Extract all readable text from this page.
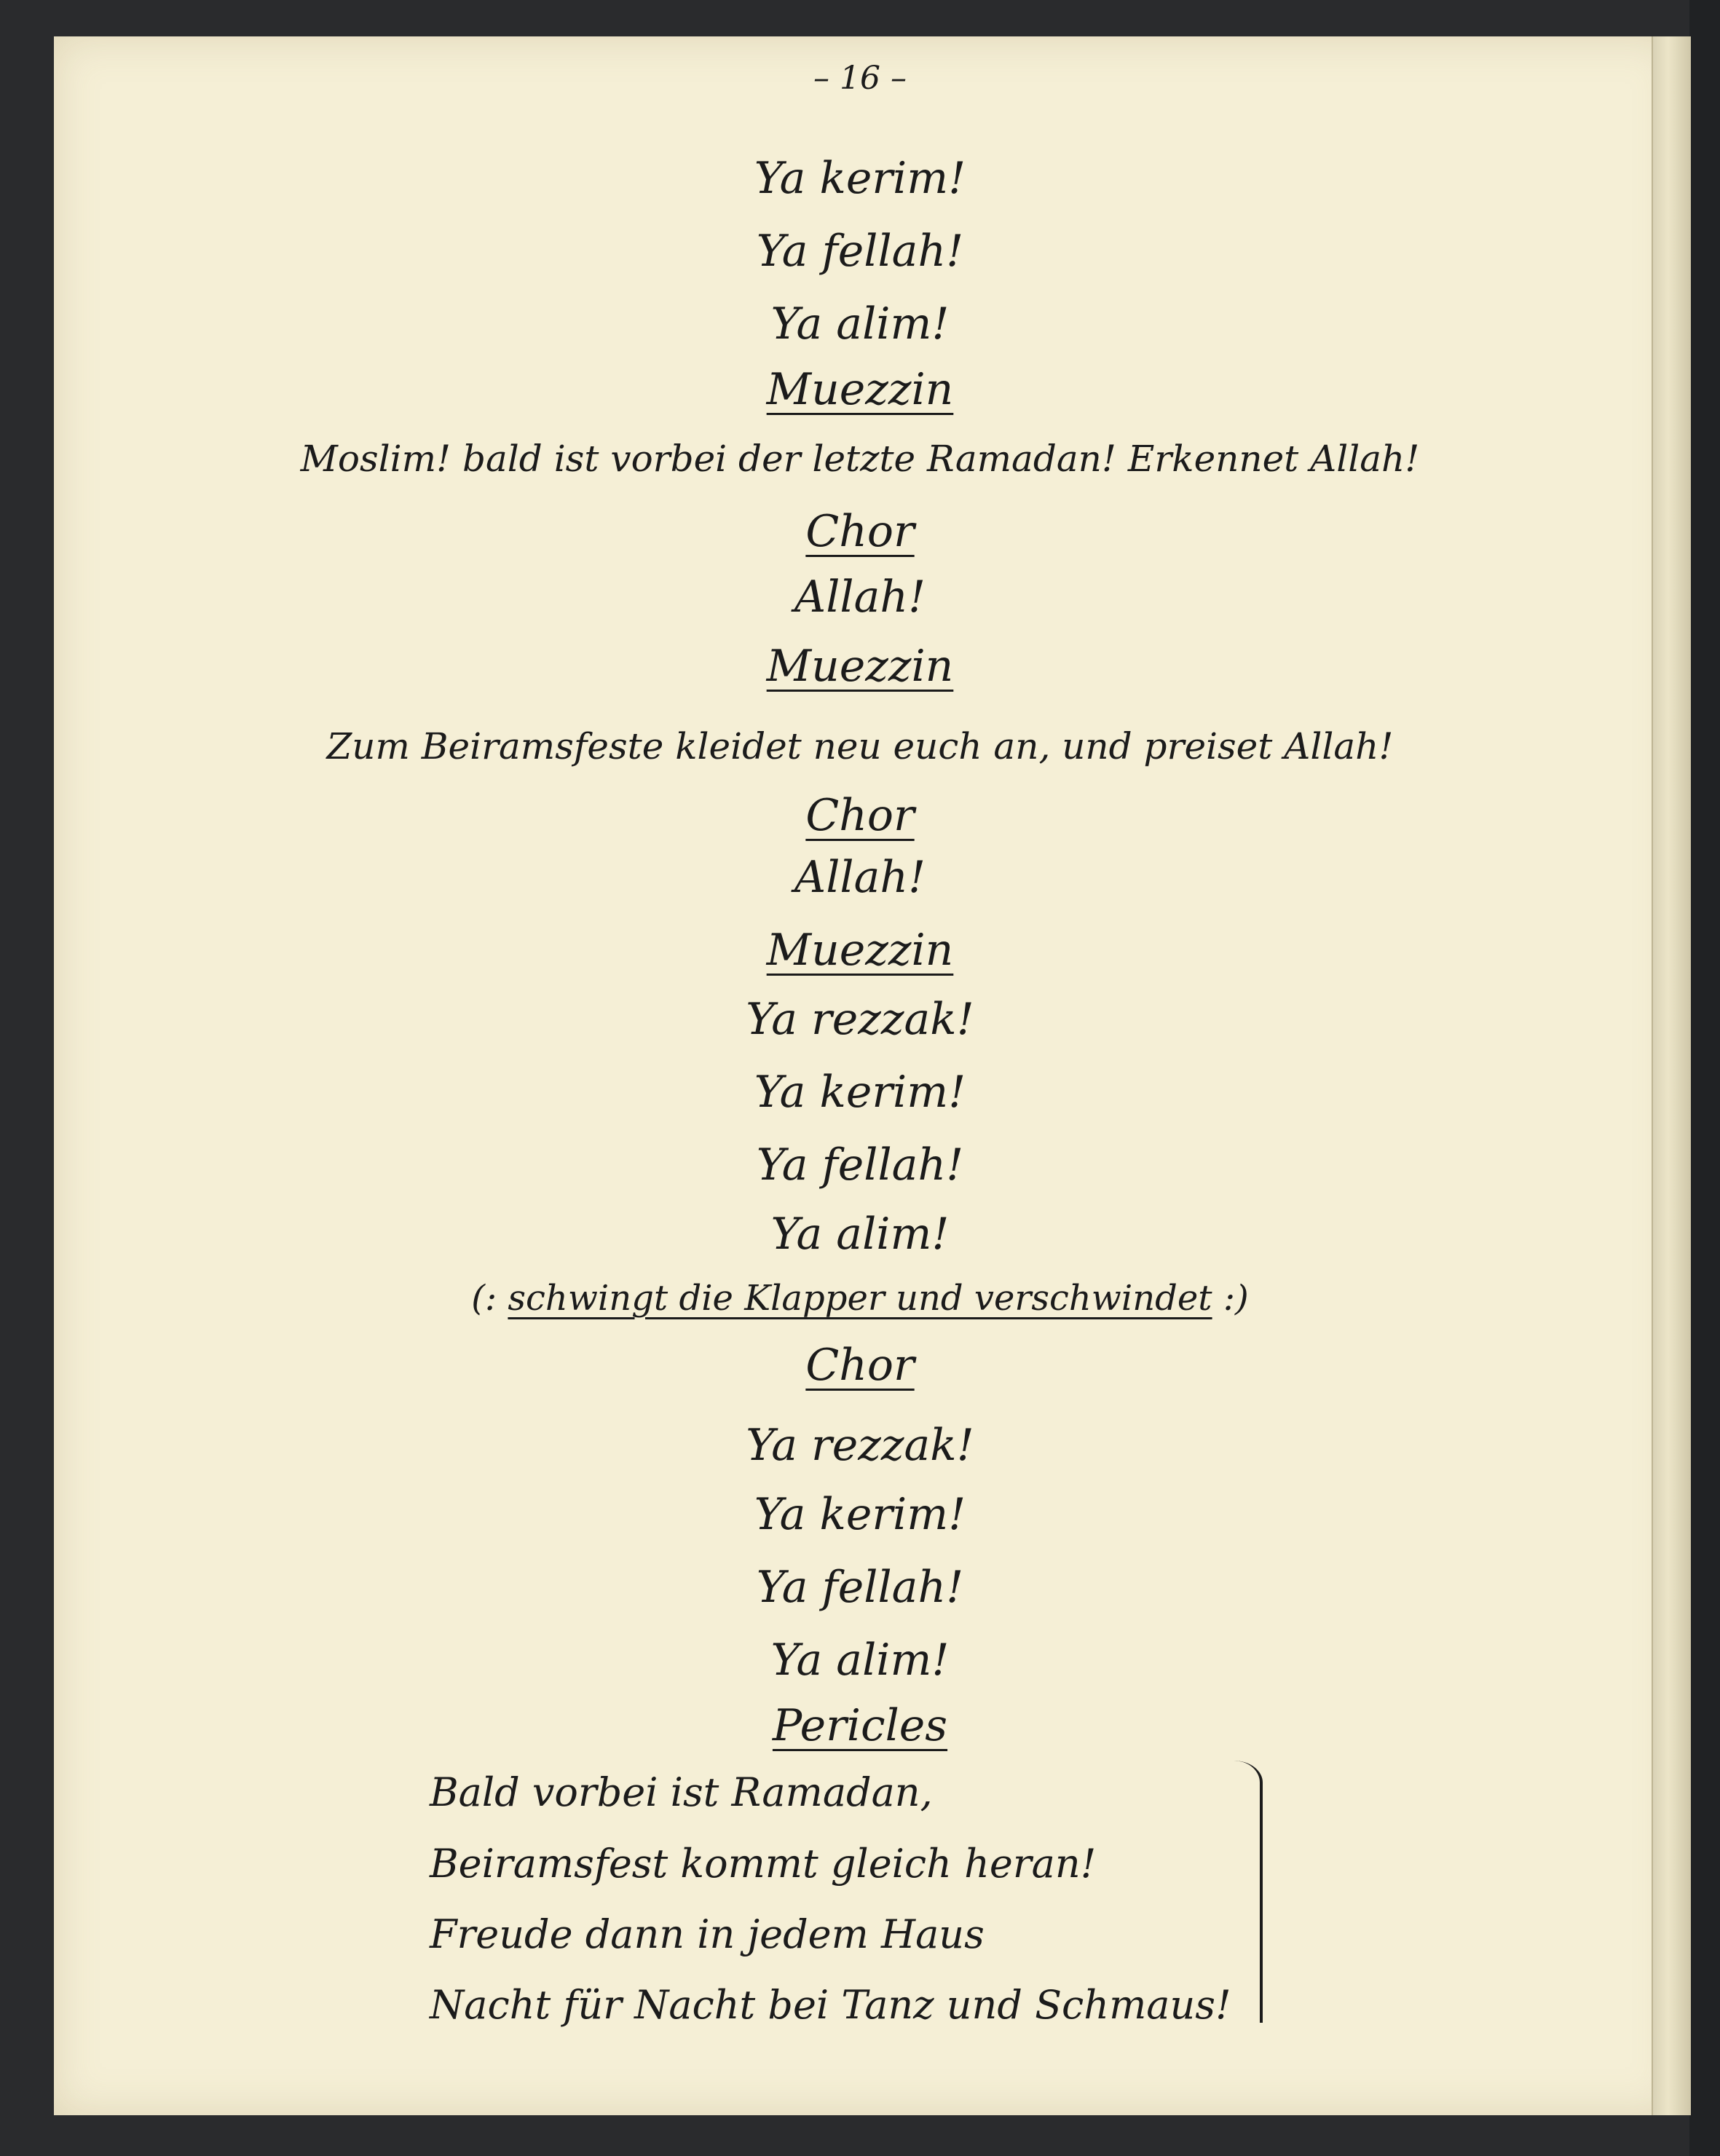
– 16 –
Ya kerim!
Ya fellah!
Ya alim!
Muezzin
Moslim! bald ist vorbei der letzte Ramadan! Erkennet Allah!
Chor
Allah!
Muezzin
Zum Beiramsfeste kleidet neu euch an, und preiset Allah!
Chor
Allah!
Muezzin
Ya rezzak!
Ya kerim!
Ya fellah!
Ya alim!
(: schwingt die Klapper und verschwindet :)
Chor
Ya rezzak!
Ya kerim!
Ya fellah!
Ya alim!
Pericles
Bald vorbei ist Ramadan,
Beiramsfest kommt gleich heran!
Freude dann in jedem Haus
Nacht für Nacht bei Tanz und Schmaus!
